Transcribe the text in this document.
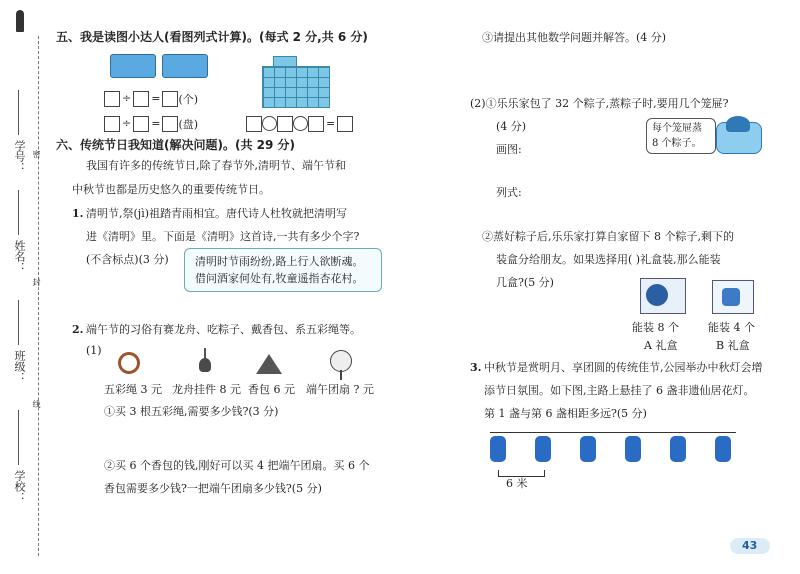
密
封
线
学号：
姓名：
班级：
学校：
五、我是读图小达人(看图列式计算)。(每式 2 分,共 6 分)
÷ = (个)
÷ = (盘)	=
六、传统节日我知道(解决问题)。(共 29 分)
我国有许多的传统节日,除了春节外,清明节、端午节和
中秋节也都是历史悠久的重要传统节日。
1. 清明节,祭(jì)祖踏青雨相宜。唐代诗人杜牧就把清明写
进《清明》里。下面是《清明》这首诗,一共有多少个字?
(不含标点)(3 分) 清明时节雨纷纷,路上行人欲断魂。
借问酒家何处有,牧童遥指杏花村。
2. 端午节的习俗有赛龙舟、吃粽子、戴香包、系五彩绳等。
(1)
五彩绳 3 元 龙舟挂件 8 元 香包 6 元 端午团扇 ? 元
①买 3 根五彩绳,需要多少钱?(3 分)
②买 6 个香包的钱,刚好可以买 4 把端午团扇。买 6 个
香包需要多少钱?一把端午团扇多少钱?(5 分)
③请提出其他数学问题并解答。(4 分)
(2)①乐乐家包了 32 个粽子,蒸粽子时,要用几个笼屉?
(4 分)
画图:
每个笼屉蒸
8 个粽子。
列式:
②蒸好粽子后,乐乐家打算自家留下 8 个粽子,剩下的
装盒分给朋友。如果选择用( )礼盒装,那么能装
几盒?(5 分)
能装 8 个
A 礼盒
能装 4 个
B 礼盒
3. 中秋节是赏明月、享团圆的传统佳节,公园举办中秋灯会增
添节日氛围。如下图,主路上悬挂了 6 盏非遗仙居花灯。
第 1 盏与第 6 盏相距多远?(5 分)
6 米
43
